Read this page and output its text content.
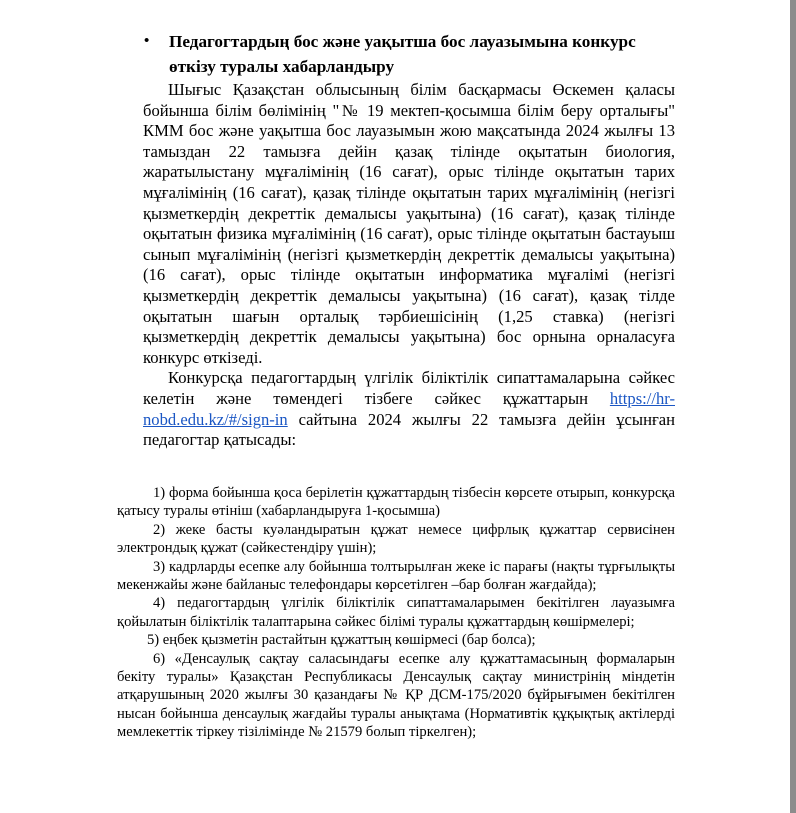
•	Педагогтардың бос және уақытша бос лауазымына конкурс өткізу туралы хабарландыру

Шығыс Қазақстан облысының білім басқармасы Өскемен қаласы бойынша білім бөлімінің "№ 19 мектеп-қосымша білім беру орталығы" КММ бос және уақытша бос лауазымын жою мақсатында 2024 жылғы 13 тамыздан 22 тамызға дейін қазақ тілінде оқытатын биология, жаратылыстану мұғалімінің (16 сағат), орыс тілінде оқытатын тарих мұғалімінің (16 сағат), қазақ тілінде оқытатын тарих мұғалімінің (негізгі қызметкердің декреттік демалысы уақытына) (16 сағат), қазақ тілінде оқытатын физика мұғалімінің (16 сағат), орыс тілінде оқытатын бастауыш сынып мұғалімінің (негізгі қызметкердің декреттік демалысы уақытына) (16 сағат), орыс тілінде оқытатын информатика мұғалімі (негізгі қызметкердің декреттік демалысы уақытына) (16 сағат), қазақ тілде оқытатын шағын орталық тәрбиешісінің (1,25 ставка) (негізгі қызметкердің декреттік демалысы уақытына) бос орнына орналасуға конкурс өткізеді.

Конкурсқа педагогтардың үлгілік біліктілік сипаттамаларына сәйкес келетін және төмендегі тізбеге сәйкес құжаттарын https://hr-nobd.edu.kz/#/sign-in сайтына 2024 жылғы 22 тамызға дейін ұсынған педагогтар қатысады:

1) форма бойынша қоса берілетін құжаттардың тізбесін көрсете отырып, конкурсқа қатысу туралы өтініш (хабарландыруға 1-қосымша)

2) жеке басты куәландыратын құжат немесе цифрлық құжаттар сервисінен электрондық құжат (сәйкестендіру үшін);

3) кадрларды есепке алу бойынша толтырылған жеке іс парағы (нақты тұрғылықты мекенжайы және байланыс телефондары көрсетілген –бар болған жағдайда);

4) педагогтардың үлгілік біліктілік сипаттамаларымен бекітілген лауазымға қойылатын біліктілік талаптарына сәйкес білімі туралы құжаттардың көшірмелері;

5) еңбек қызметін растайтын құжаттың көшірмесі (бар болса);

6) «Денсаулық сақтау саласындағы есепке алу құжаттамасының формаларын бекіту туралы» Қазақстан Республикасы Денсаулық сақтау министрінің міндетін атқарушының 2020 жылғы 30 қазандағы № ҚР ДСМ-175/2020 бұйрығымен бекітілген нысан бойынша денсаулық жағдайы туралы анықтама (Нормативтік құқықтық актілерді мемлекеттік тіркеу тізілімінде № 21579 болып тіркелген);
